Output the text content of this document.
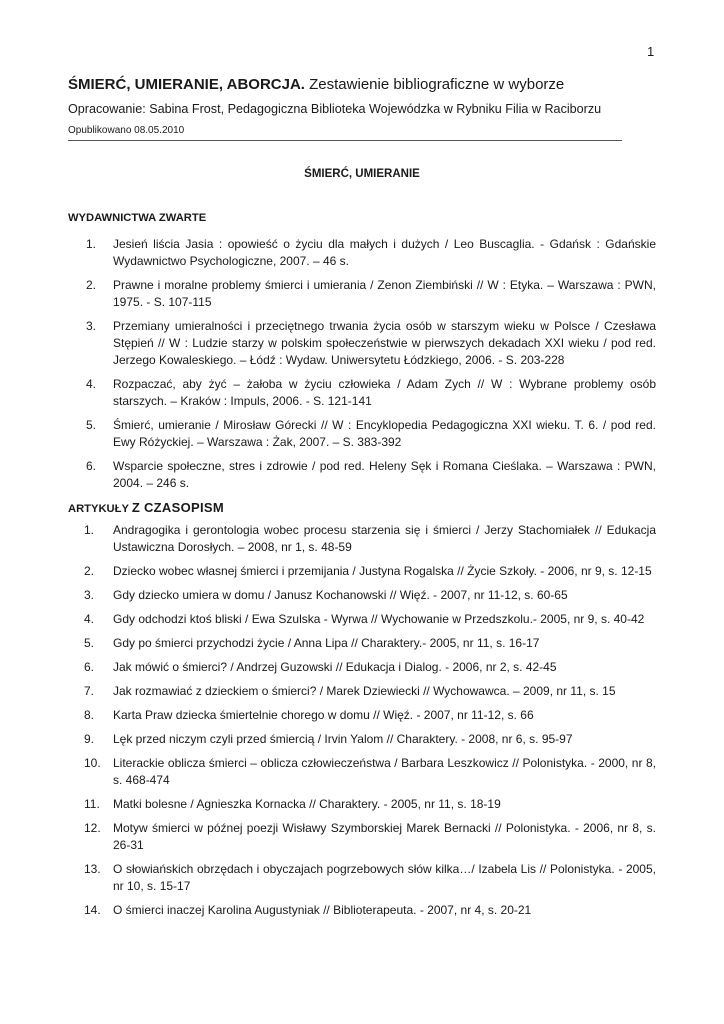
1
ŚMIERĆ, UMIERANIE, ABORCJA. Zestawienie bibliograficzne w wyborze
Opracowanie: Sabina Frost, Pedagogiczna Biblioteka Wojewódzka w Rybniku Filia w Raciborzu
Opublikowano 08.05.2010
ŚMIERĆ, UMIERANIE
WYDAWNICTWA ZWARTE
1. Jesień liścia Jasia : opowieść o życiu dla małych i dużych / Leo Buscaglia. - Gdańsk : Gdańskie Wydawnictwo Psychologiczne, 2007. – 46 s.
2. Prawne i moralne problemy śmierci i umierania / Zenon Ziembiński // W : Etyka. – Warszawa : PWN, 1975. - S. 107-115
3. Przemiany umieralności i przeciętnego trwania życia osób w starszym wieku w Polsce / Czesława Stępień // W : Ludzie starzy w polskim społeczeństwie w pierwszych dekadach XXI wieku / pod red. Jerzego Kowaleskiego. – Łódź : Wydaw. Uniwersytetu Łódzkiego, 2006. - S. 203-228
4. Rozpaczać, aby żyć – żałoba w życiu człowieka / Adam Zych // W : Wybrane problemy osób starszych. – Kraków : Impuls, 2006. - S. 121-141
5. Śmierć, umieranie / Mirosław Górecki // W : Encyklopedia Pedagogiczna XXI wieku. T. 6. / pod red. Ewy Różyckiej. – Warszawa : Żak, 2007. – S. 383-392
6. Wsparcie społeczne, stres i zdrowie / pod red. Heleny Sęk i Romana Cieślaka. – Warszawa : PWN, 2004. – 246 s.
ARTYKUŁY Z CZASOPISM
1. Andragogika i gerontologia wobec procesu starzenia się i śmierci / Jerzy Stachomiałek // Edukacja Ustawiczna Dorosłych. – 2008, nr 1, s. 48-59
2. Dziecko wobec własnej śmierci i przemijania / Justyna Rogalska // Życie Szkoły. - 2006, nr 9, s. 12-15
3. Gdy dziecko umiera w domu / Janusz Kochanowski // Więź. - 2007, nr 11-12, s. 60-65
4. Gdy odchodzi ktoś bliski / Ewa Szulska - Wyrwa // Wychowanie w Przedszkolu.- 2005, nr 9, s. 40-42
5. Gdy po śmierci przychodzi życie / Anna Lipa // Charaktery.- 2005, nr 11, s. 16-17
6. Jak mówić o śmierci? / Andrzej Guzowski // Edukacja i Dialog. - 2006, nr 2, s. 42-45
7. Jak rozmawiać z dzieckiem o śmierci? / Marek Dziewiecki // Wychowawca. – 2009, nr 11, s. 15
8. Karta Praw dziecka śmiertelnie chorego w domu // Więź. - 2007, nr 11-12, s. 66
9. Lęk przed niczym czyli przed śmiercią / Irvin Yalom // Charaktery. - 2008, nr 6, s. 95-97
10. Literackie oblicza śmierci – oblicza człowieczeństwa / Barbara Leszkowicz // Polonistyka. - 2000, nr 8, s. 468-474
11. Matki bolesne / Agnieszka Kornacka // Charaktery. - 2005, nr 11, s. 18-19
12. Motyw śmierci w późnej poezji Wisławy Szymborskiej Marek Bernacki // Polonistyka. - 2006, nr 8, s. 26-31
13. O słowiańskich obrzędach i obyczajach pogrzebowych słów kilka…/ Izabela Lis // Polonistyka. - 2005, nr 10, s. 15-17
14. O śmierci inaczej Karolina Augustyniak // Biblioterapeuta. - 2007, nr 4, s. 20-21
